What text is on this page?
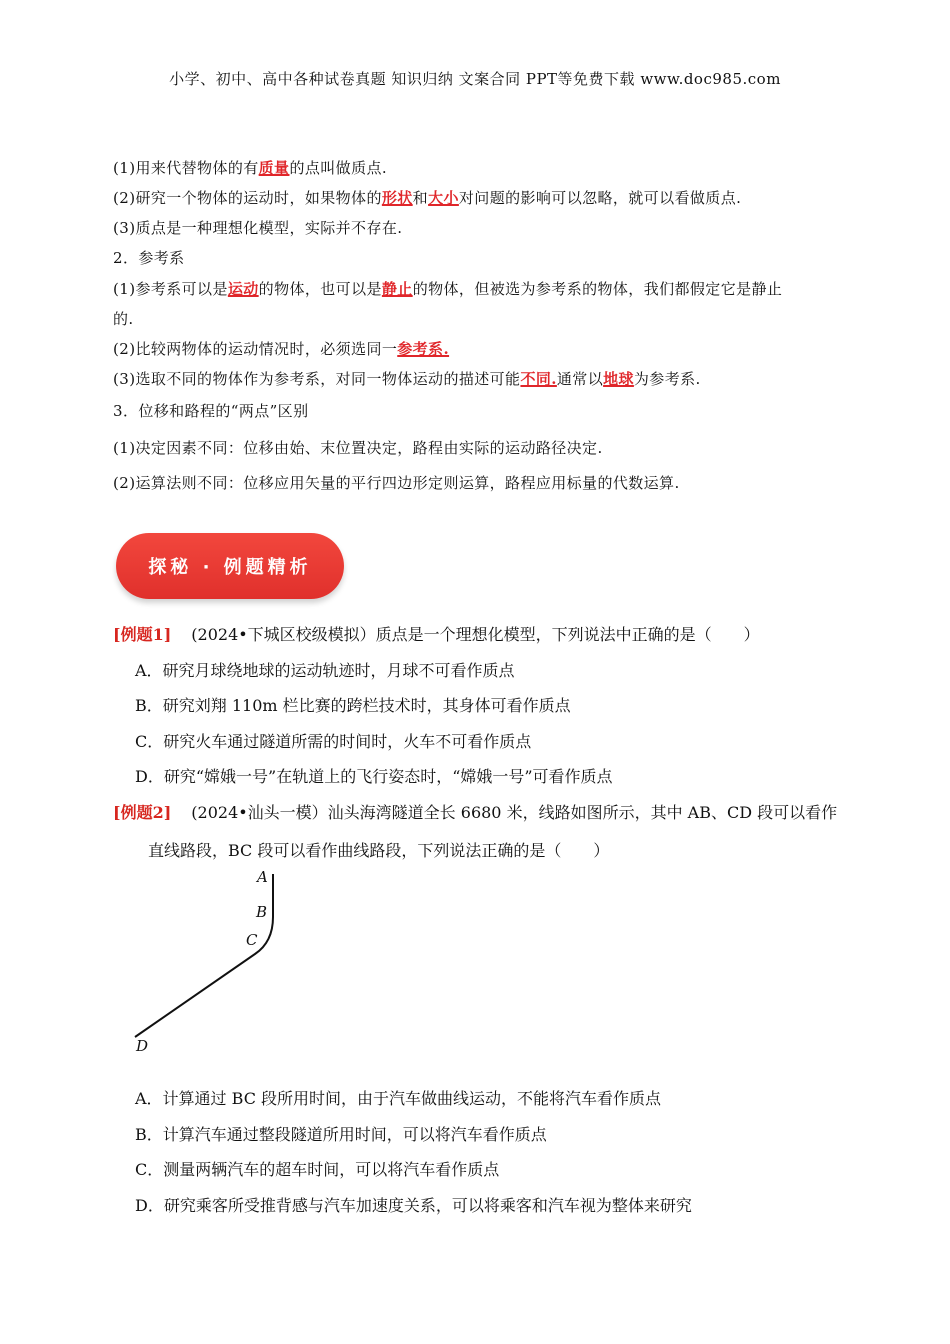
小学、初中、高中各种试卷真题 知识归纳 文案合同 PPT等免费下载 www.doc985.com
(1)用来代替物体的有质量的点叫做质点.
(2)研究一个物体的运动时，如果物体的形状和大小对问题的影响可以忽略，就可以看做质点.
(3)质点是一种理想化模型，实际并不存在.
2．参考系
(1)参考系可以是运动的物体，也可以是静止的物体，但被选为参考系的物体，我们都假定它是静止
的.
(2)比较两物体的运动情况时，必须选同一参考系.
(3)选取不同的物体作为参考系，对同一物体运动的描述可能不同.通常以地球为参考系.
3．位移和路程的“两点”区别
(1)决定因素不同：位移由始、末位置决定，路程由实际的运动路径决定.
(2)运算法则不同：位移应用矢量的平行四边形定则运算，路程应用标量的代数运算.
探秘 · 例题精析
[例题1] (2024•下城区校级模拟）质点是一个理想化模型，下列说法中正确的是（　　）
A．研究月球绕地球的运动轨迹时，月球不可看作质点
B．研究刘翔 110m 栏比赛的跨栏技术时，其身体可看作质点
C．研究火车通过隧道所需的时间时，火车不可看作质点
D．研究“嫦娥一号”在轨道上的飞行姿态时，“嫦娥一号”可看作质点
[例题2] (2024•汕头一模）汕头海湾隧道全长 6680 米，线路如图所示，其中 AB、CD 段可以看作
直线路段，BC 段可以看作曲线路段，下列说法正确的是（　　）
A
B
C
D
A．计算通过 BC 段所用时间，由于汽车做曲线运动，不能将汽车看作质点
B．计算汽车通过整段隧道所用时间，可以将汽车看作质点
C．测量两辆汽车的超车时间，可以将汽车看作质点
D．研究乘客所受推背感与汽车加速度关系，可以将乘客和汽车视为整体来研究
